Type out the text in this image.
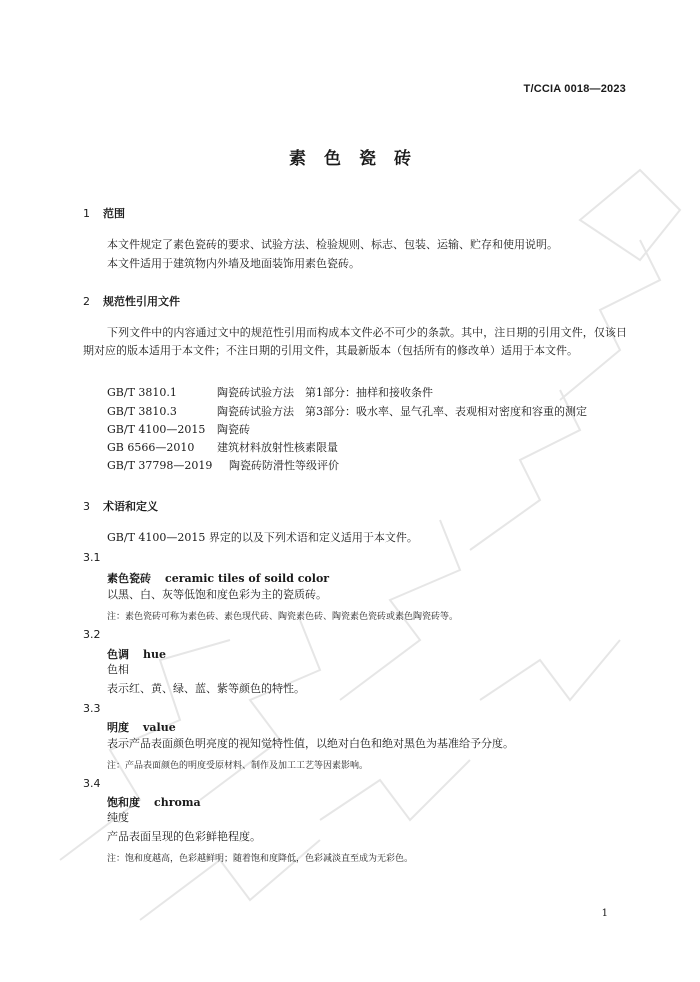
T/CCIA 0018—2023
素色瓷砖
1 范围
本文件规定了素色瓷砖的要求、试验方法、检验规则、标志、包装、运输、贮存和使用说明。
本文件适用于建筑物内外墙及地面装饰用素色瓷砖。
2 规范性引用文件
下列文件中的内容通过文中的规范性引用而构成本文件必不可少的条款。其中，注日期的引用文件，仅该日期对应的版本适用于本文件；不注日期的引用文件，其最新版本（包括所有的修改单）适用于本文件。
GB/T 3810.1	陶瓷砖试验方法　第1部分：抽样和接收条件
GB/T 3810.3	陶瓷砖试验方法　第3部分：吸水率、显气孔率、表观相对密度和容重的测定
GB/T 4100—2015 陶瓷砖
GB 6566—2010 建筑材料放射性核素限量
GB/T 37798—2019 陶瓷砖防滑性等级评价
3 术语和定义
GB/T 4100—2015 界定的以及下列术语和定义适用于本文件。
3.1
素色瓷砖 ceramic tiles of soild color
以黑、白、灰等低饱和度色彩为主的瓷质砖。
注：素色瓷砖可称为素色砖、素色现代砖、陶瓷素色砖、陶瓷素色瓷砖或素色陶瓷砖等。
3.2
色调 hue
色相
表示红、黄、绿、蓝、紫等颜色的特性。
3.3
明度 value
表示产品表面颜色明亮度的视知觉特性值，以绝对白色和绝对黑色为基准给予分度。
注：产品表面颜色的明度受原材料、制作及加工工艺等因素影响。
3.4
饱和度 chroma
纯度
产品表面呈现的色彩鲜艳程度。
注：饱和度越高，色彩越鲜明；随着饱和度降低，色彩减淡直至成为无彩色。
1
